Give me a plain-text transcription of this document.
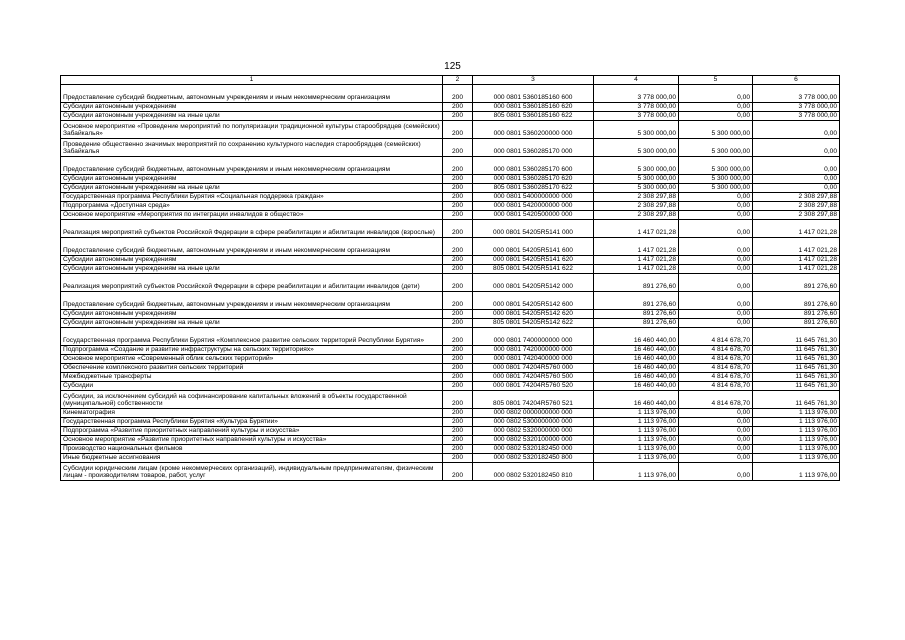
125
1	2	3	4	5	6
Предоставление субсидий бюджетным, автономным учреждениям и иным некоммерческим организациям	200	000 0801 5360185160 600	3 778 000,00	0,00	3 778 000,00
Субсидии автономным учреждениям	200	000 0801 5360185160 620	3 778 000,00	0,00	3 778 000,00
Субсидии автономным учреждениям на иные цели	200	805 0801 5360185160 622	3 778 000,00	0,00	3 778 000,00
Основное мероприятие «Проведение мероприятий по популяризации традиционной культуры старообрядцев (семейских) Забайкалья»	200	000 0801 5360200000 000	5 300 000,00	5 300 000,00	0,00
Проведение общественно значимых мероприятий по сохранению культурного наследия старообрядцев (семейских) Забайкалья	200	000 0801 5360285170 000	5 300 000,00	5 300 000,00	0,00
Предоставление субсидий бюджетным, автономным учреждениям и иным некоммерческим организациям	200	000 0801 5360285170 600	5 300 000,00	5 300 000,00	0,00
Субсидии автономным учреждениям	200	000 0801 5360285170 620	5 300 000,00	5 300 000,00	0,00
Субсидии автономным учреждениям на иные цели	200	805 0801 5360285170 622	5 300 000,00	5 300 000,00	0,00
Государственная программа Республики Бурятия «Социальная поддержка граждан»	200	000 0801 5400000000 000	2 308 297,88	0,00	2 308 297,88
Подпрограмма «Доступная среда»	200	000 0801 5420000000 000	2 308 297,88	0,00	2 308 297,88
Основное мероприятие «Мероприятия по интеграции инвалидов в общество»	200	000 0801 5420500000 000	2 308 297,88	0,00	2 308 297,88
Реализация мероприятий субъектов Российской Федерации в сфере реабилитации и абилитации инвалидов (взрослые)	200	000 0801 54205R5141 000	1 417 021,28	0,00	1 417 021,28
Предоставление субсидий бюджетным, автономным учреждениям и иным некоммерческим организациям	200	000 0801 54205R5141 600	1 417 021,28	0,00	1 417 021,28
Субсидии автономным учреждениям	200	000 0801 54205R5141 620	1 417 021,28	0,00	1 417 021,28
Субсидии автономным учреждениям на иные цели	200	805 0801 54205R5141 622	1 417 021,28	0,00	1 417 021,28
Реализация мероприятий субъектов Российской Федерации в сфере реабилитации и абилитации инвалидов (дети)	200	000 0801 54205R5142 000	891 276,60	0,00	891 276,60
Предоставление субсидий бюджетным, автономным учреждениям и иным некоммерческим организациям	200	000 0801 54205R5142 600	891 276,60	0,00	891 276,60
Субсидии автономным учреждениям	200	000 0801 54205R5142 620	891 276,60	0,00	891 276,60
Субсидии автономным учреждениям на иные цели	200	805 0801 54205R5142 622	891 276,60	0,00	891 276,60
Государственная программа Республики Бурятия «Комплексное развитие сельских территорий Республики Бурятия»	200	000 0801 7400000000 000	16 460 440,00	4 814 678,70	11 645 761,30
Подпрограмма «Создание и развитие инфраструктуры на сельских территориях»	200	000 0801 7420000000 000	16 460 440,00	4 814 678,70	11 645 761,30
Основное мероприятие «Современный облик сельских территорий»	200	000 0801 7420400000 000	16 460 440,00	4 814 678,70	11 645 761,30
Обеспечение комплексного развития сельских территорий	200	000 0801 74204R5760 000	16 460 440,00	4 814 678,70	11 645 761,30
Межбюджетные трансферты	200	000 0801 74204R5760 500	16 460 440,00	4 814 678,70	11 645 761,30
Субсидии	200	000 0801 74204R5760 520	16 460 440,00	4 814 678,70	11 645 761,30
Субсидии, за исключением субсидий на софинансирование капитальных вложений в объекты государственной (муниципальной) собственности	200	805 0801 74204R5760 521	16 460 440,00	4 814 678,70	11 645 761,30
Кинематография	200	000 0802 0000000000 000	1 113 976,00	0,00	1 113 976,00
Государственная программа Республики Бурятия «Культура Бурятии»	200	000 0802 5300000000 000	1 113 976,00	0,00	1 113 976,00
Подпрограмма «Развитие приоритетных направлений культуры и искусства»	200	000 0802 5320000000 000	1 113 976,00	0,00	1 113 976,00
Основное мероприятие «Развитие приоритетных направлений культуры и искусства»	200	000 0802 5320100000 000	1 113 976,00	0,00	1 113 976,00
Производство национальных фильмов	200	000 0802 5320182450 000	1 113 976,00	0,00	1 113 976,00
Иные бюджетные ассигнования	200	000 0802 5320182450 800	1 113 976,00	0,00	1 113 976,00
Субсидии юридическим лицам (кроме некоммерческих организаций), индивидуальным предпринимателям, физическим лицам - производителям товаров, работ, услуг	200	000 0802 5320182450 810	1 113 976,00	0,00	1 113 976,00
